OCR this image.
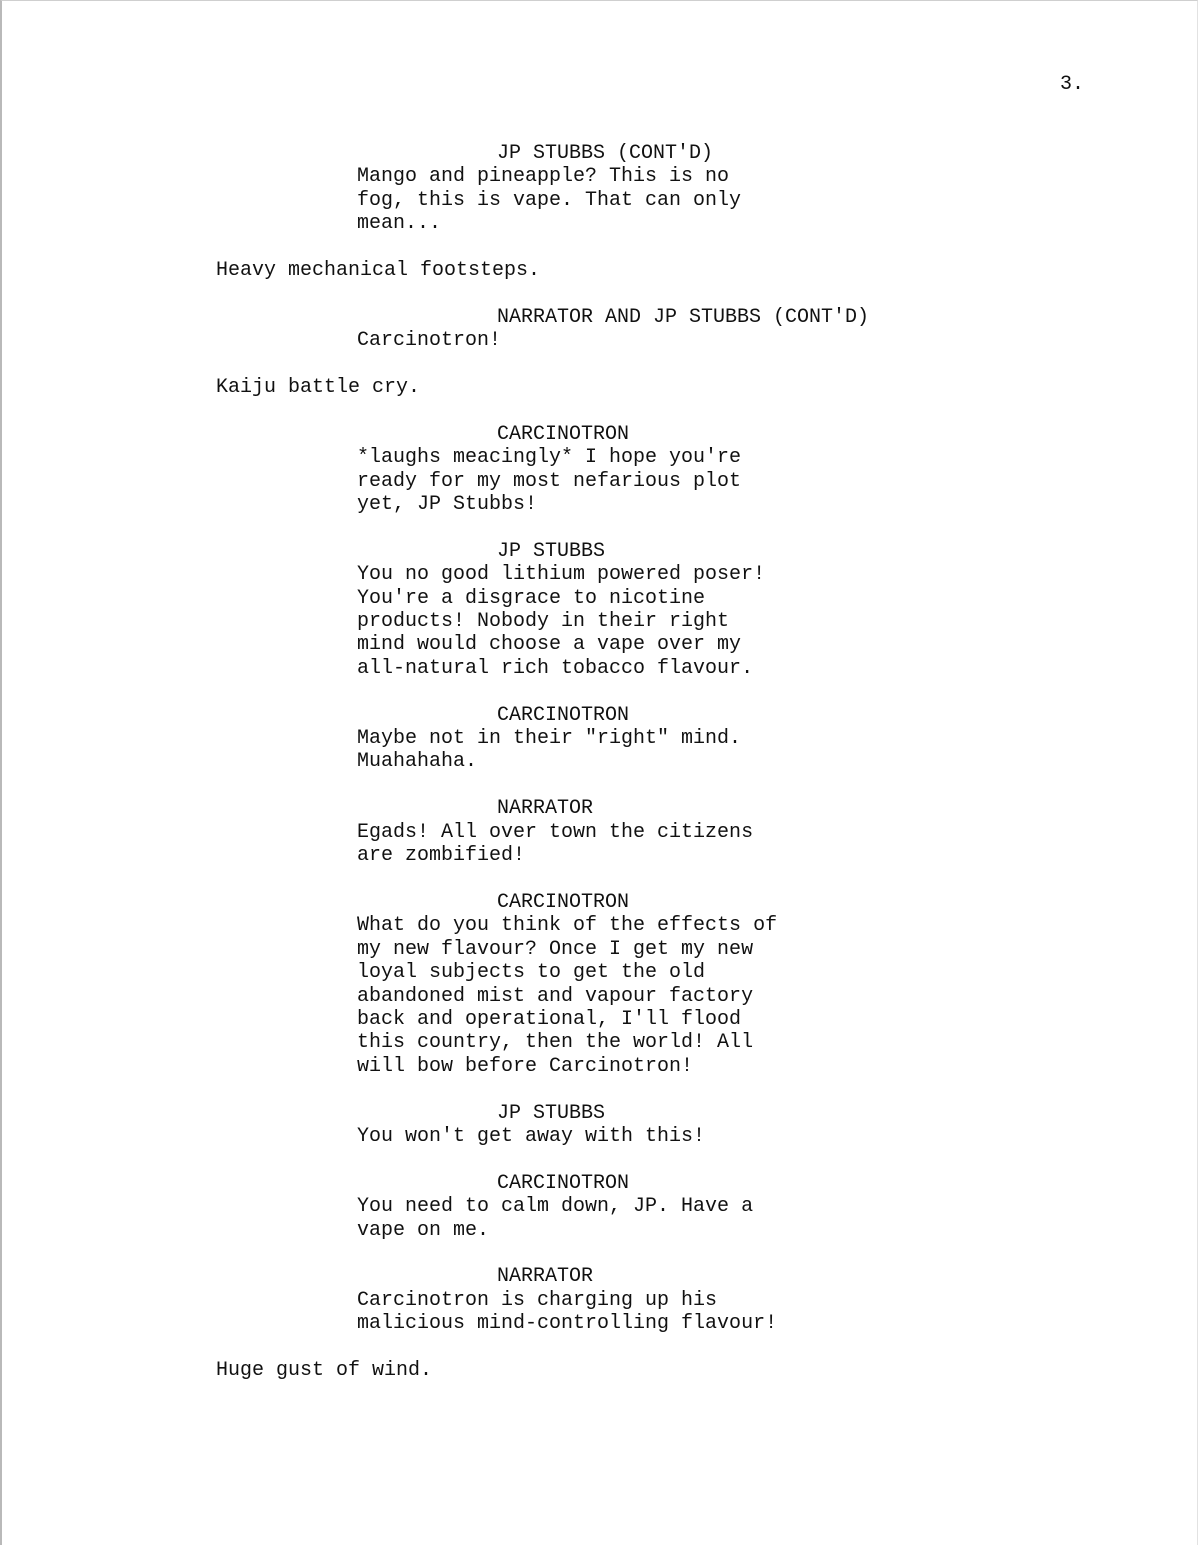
3.
JP STUBBS (CONT'D)
Mango and pineapple? This is no
fog, this is vape. That can only
mean...
Heavy mechanical footsteps.
NARRATOR AND JP STUBBS (CONT'D)
Carcinotron!
Kaiju battle cry.
CARCINOTRON
*laughs meacingly* I hope you're
ready for my most nefarious plot
yet, JP Stubbs!
JP STUBBS
You no good lithium powered poser!
You're a disgrace to nicotine
products! Nobody in their right
mind would choose a vape over my
all-natural rich tobacco flavour.
CARCINOTRON
Maybe not in their "right" mind.
Muahahaha.
NARRATOR
Egads! All over town the citizens
are zombified!
CARCINOTRON
What do you think of the effects of
my new flavour? Once I get my new
loyal subjects to get the old
abandoned mist and vapour factory
back and operational, I'll flood
this country, then the world! All
will bow before Carcinotron!
JP STUBBS
You won't get away with this!
CARCINOTRON
You need to calm down, JP. Have a
vape on me.
NARRATOR
Carcinotron is charging up his
malicious mind-controlling flavour!
Huge gust of wind.
